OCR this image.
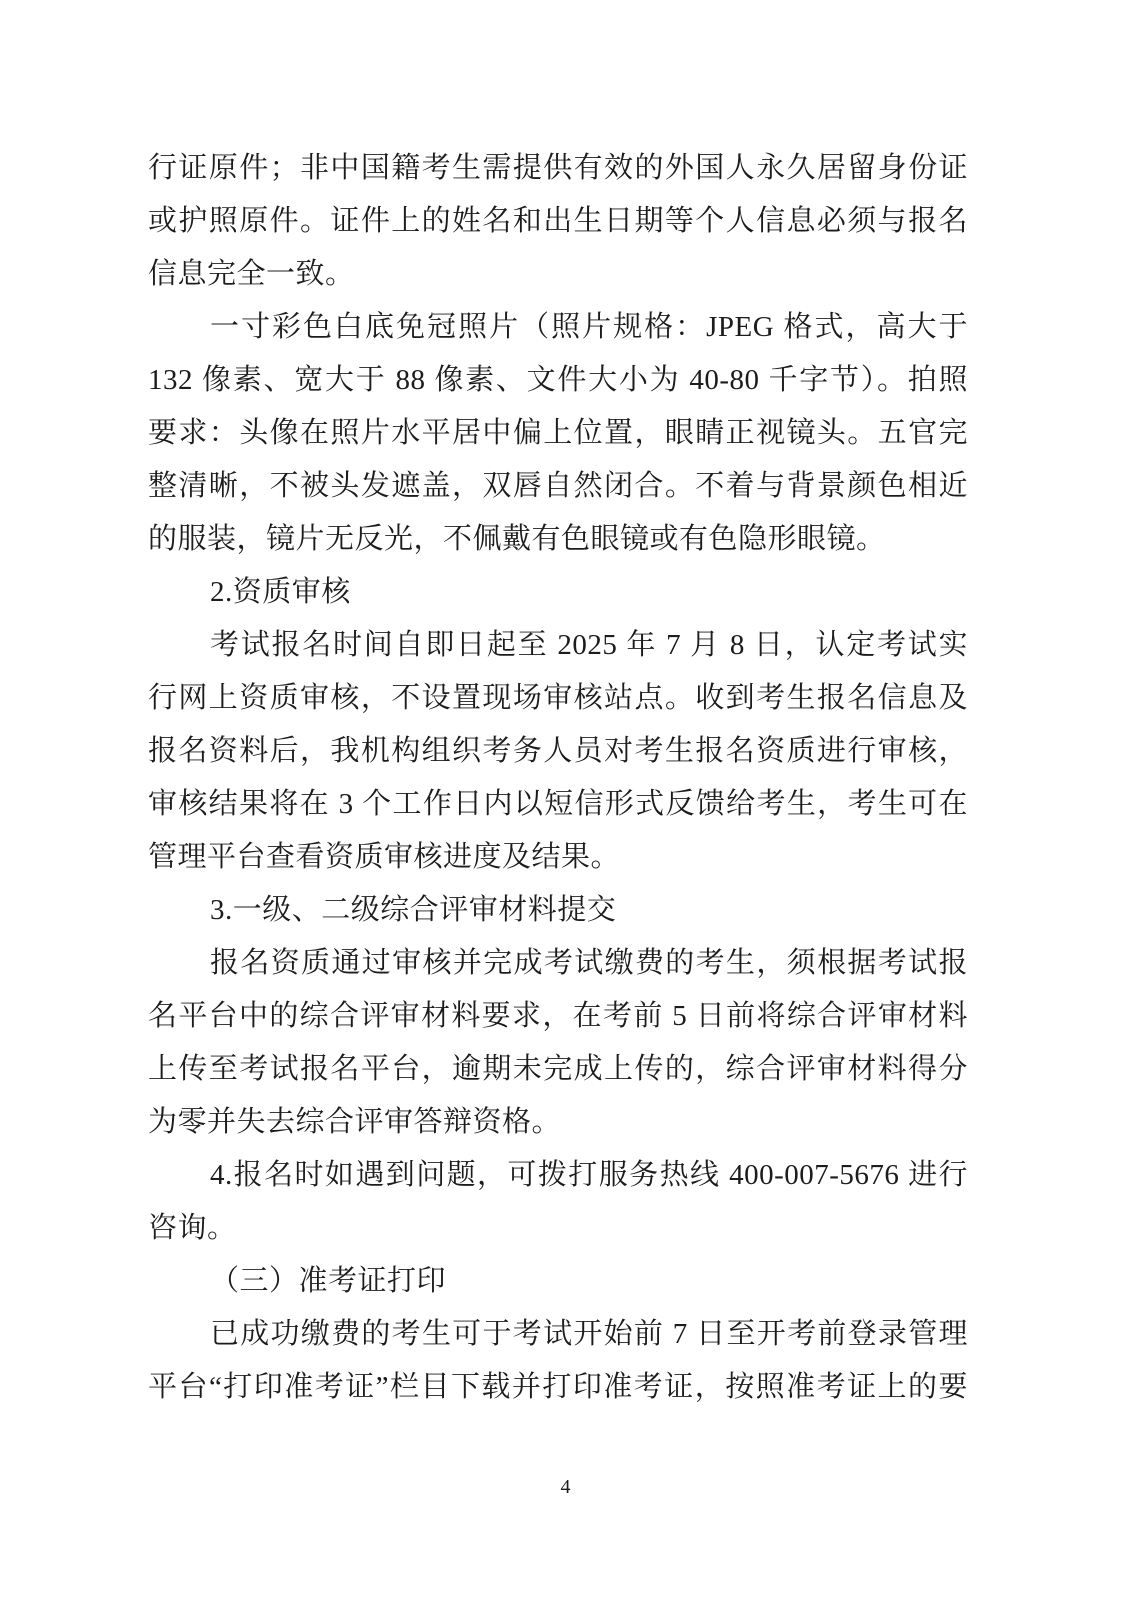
行证原件；非中国籍考生需提供有效的外国人永久居留身份证
或护照原件。证件上的姓名和出生日期等个人信息必须与报名
信息完全一致。
一寸彩色白底免冠照片（照片规格：JPEG 格式，高大于
132 像素、宽大于 88 像素、文件大小为 40-80 千字节）。拍照
要求：头像在照片水平居中偏上位置，眼睛正视镜头。五官完
整清晰，不被头发遮盖，双唇自然闭合。不着与背景颜色相近
的服装，镜片无反光，不佩戴有色眼镜或有色隐形眼镜。
2.资质审核
考试报名时间自即日起至 2025 年 7 月 8 日，认定考试实
行网上资质审核，不设置现场审核站点。收到考生报名信息及
报名资料后，我机构组织考务人员对考生报名资质进行审核，
审核结果将在 3 个工作日内以短信形式反馈给考生，考生可在
管理平台查看资质审核进度及结果。
3.一级、二级综合评审材料提交
报名资质通过审核并完成考试缴费的考生，须根据考试报
名平台中的综合评审材料要求，在考前 5 日前将综合评审材料
上传至考试报名平台，逾期未完成上传的，综合评审材料得分
为零并失去综合评审答辩资格。
4.报名时如遇到问题，可拨打服务热线 400-007-5676 进行
咨询。
（三）准考证打印
已成功缴费的考生可于考试开始前 7 日至开考前登录管理
平台“打印准考证”栏目下载并打印准考证，按照准考证上的要
4
